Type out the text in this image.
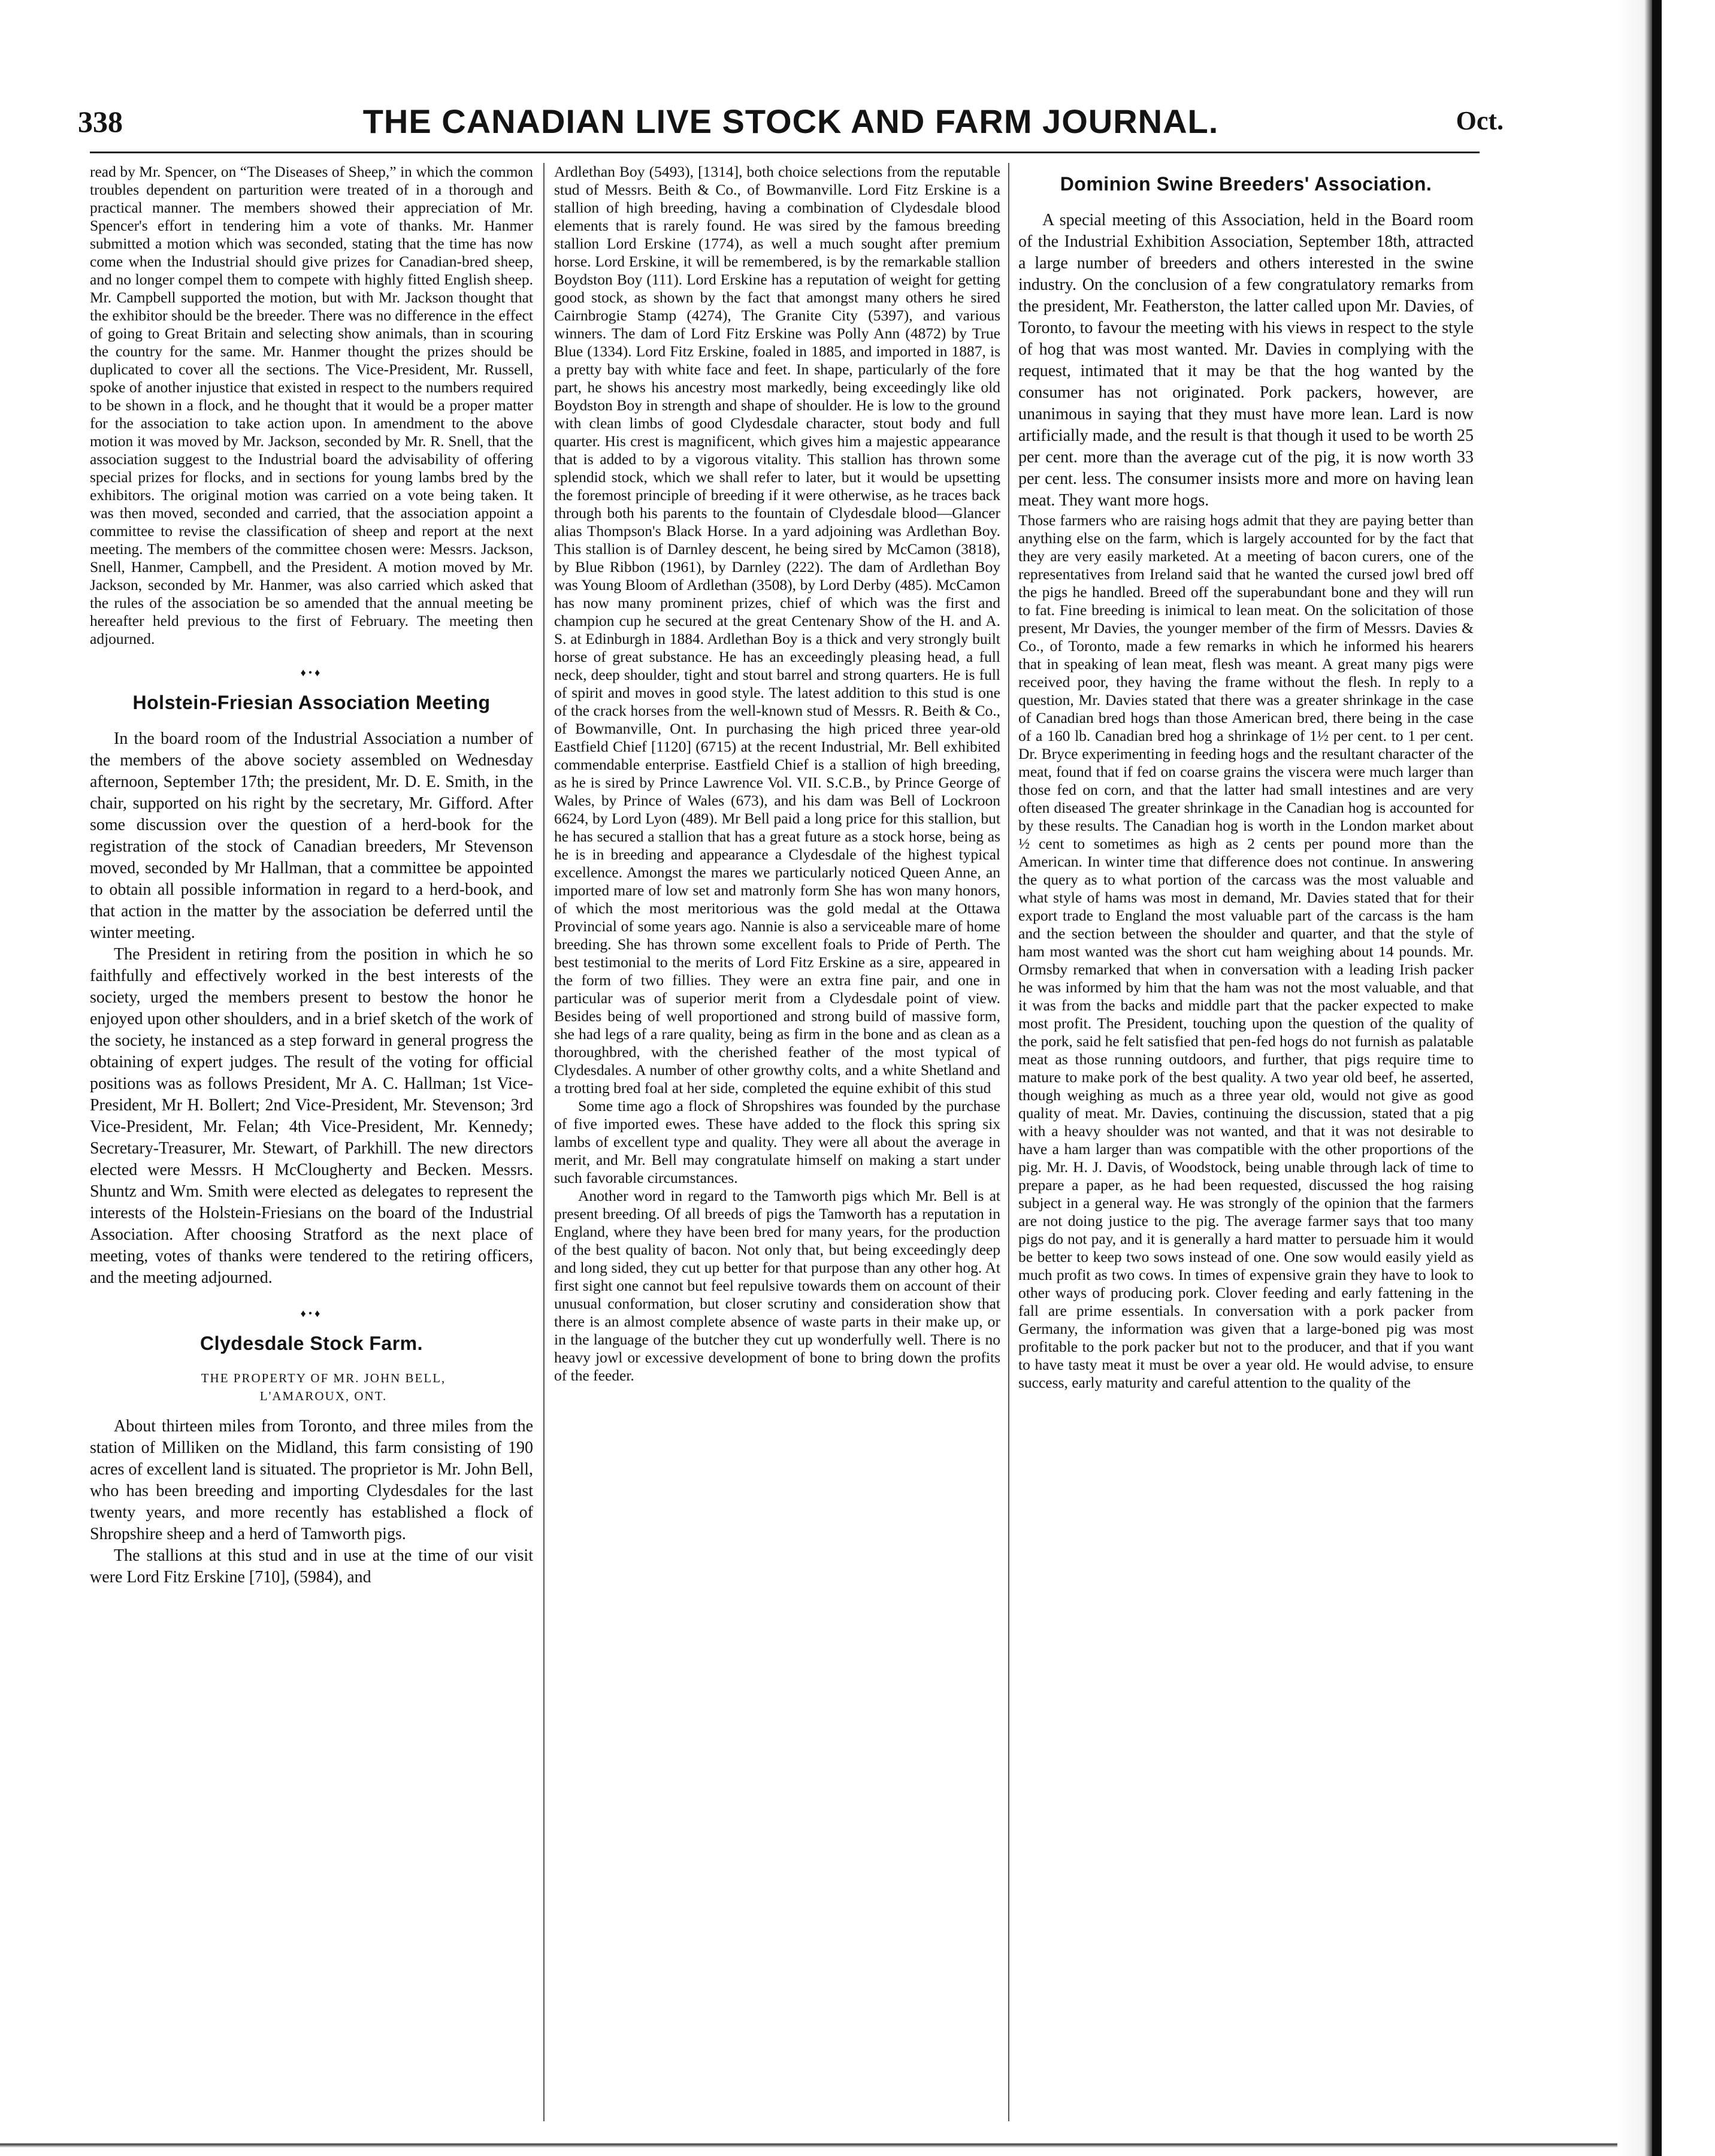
338	THE CANADIAN LIVE STOCK AND FARM JOURNAL.	Oct.

read by Mr. Spencer, on “The Diseases of Sheep,” in which the common troubles dependent on parturition were treated of in a thorough and practical manner. The members showed their appreciation of Mr. Spencer's effort in tendering him a vote of thanks. Mr. Hanmer submitted a motion which was seconded, stating that the time has now come when the Industrial should give prizes for Canadian-bred sheep, and no longer compel them to compete with highly fitted English sheep. Mr. Campbell supported the motion, but with Mr. Jackson thought that the exhibitor should be the breeder. There was no difference in the effect of going to Great Britain and selecting show animals, than in scouring the country for the same. Mr. Hanmer thought the prizes should be duplicated to cover all the sections. The Vice-President, Mr. Russell, spoke of another injustice that existed in respect to the numbers required to be shown in a flock, and he thought that it would be a proper matter for the association to take action upon. In amendment to the above motion it was moved by Mr. Jackson, seconded by Mr. R. Snell, that the association suggest to the Industrial board the advisability of offering special prizes for flocks, and in sections for young lambs bred by the exhibitors. The original motion was carried on a vote being taken. It was then moved, seconded and carried, that the association appoint a committee to revise the classification of sheep and report at the next meeting. The members of the committee chosen were: Messrs. Jackson, Snell, Hanmer, Campbell, and the President. A motion moved by Mr. Jackson, seconded by Mr. Hanmer, was also carried which asked that the rules of the association be so amended that the annual meeting be hereafter held previous to the first of February. The meeting then adjourned.

♦•♦
Holstein-Friesian Association Meeting

In the board room of the Industrial Association a number of the members of the above society assembled on Wednesday afternoon, September 17th; the president, Mr. D. E. Smith, in the chair, supported on his right by the secretary, Mr. Gifford. After some discussion over the question of a herd-book for the registration of the stock of Canadian breeders, Mr Stevenson moved, seconded by Mr Hallman, that a committee be appointed to obtain all possible information in regard to a herd-book, and that action in the matter by the association be deferred until the winter meeting.

The President in retiring from the position in which he so faithfully and effectively worked in the best interests of the society, urged the members present to bestow the honor he enjoyed upon other shoulders, and in a brief sketch of the work of the society, he instanced as a step forward in general progress the obtaining of expert judges. The result of the voting for official positions was as follows President, Mr A. C. Hallman; 1st Vice-President, Mr H. Bollert; 2nd Vice-President, Mr. Stevenson; 3rd Vice-President, Mr. Felan; 4th Vice-President, Mr. Kennedy; Secretary-Treasurer, Mr. Stewart, of Parkhill. The new directors elected were Messrs. H McClougherty and Becken. Messrs. Shuntz and Wm. Smith were elected as delegates to represent the interests of the Holstein-Friesians on the board of the Industrial Association. After choosing Stratford as the next place of meeting, votes of thanks were tendered to the retiring officers, and the meeting adjourned.

♦•♦
Clydesdale Stock Farm.

THE PROPERTY OF MR. JOHN BELL,

L'AMAROUX, ONT.

About thirteen miles from Toronto, and three miles from the station of Milliken on the Midland, this farm consisting of 190 acres of excellent land is situated. The proprietor is Mr. John Bell, who has been breeding and importing Clydesdales for the last twenty years, and more recently has established a flock of Shropshire sheep and a herd of Tamworth pigs.

The stallions at this stud and in use at the time of our visit were Lord Fitz Erskine [710], (5984), and

Ardlethan Boy (5493), [1314], both choice selections from the reputable stud of Messrs. Beith & Co., of Bowmanville. Lord Fitz Erskine is a stallion of high breeding, having a combination of Clydesdale blood elements that is rarely found. He was sired by the famous breeding stallion Lord Erskine (1774), as well a much sought after premium horse. Lord Erskine, it will be remembered, is by the remarkable stallion Boydston Boy (111). Lord Erskine has a reputation of weight for getting good stock, as shown by the fact that amongst many others he sired Cairnbrogie Stamp (4274), The Granite City (5397), and various winners. The dam of Lord Fitz Erskine was Polly Ann (4872) by True Blue (1334). Lord Fitz Erskine, foaled in 1885, and imported in 1887, is a pretty bay with white face and feet. In shape, particularly of the fore part, he shows his ancestry most markedly, being exceedingly like old Boydston Boy in strength and shape of shoulder. He is low to the ground with clean limbs of good Clydesdale character, stout body and full quarter. His crest is magnificent, which gives him a majestic appearance that is added to by a vigorous vitality. This stallion has thrown some splendid stock, which we shall refer to later, but it would be upsetting the foremost principle of breeding if it were otherwise, as he traces back through both his parents to the fountain of Clydesdale blood—Glancer alias Thompson's Black Horse. In a yard adjoining was Ardlethan Boy. This stallion is of Darnley descent, he being sired by McCamon (3818), by Blue Ribbon (1961), by Darnley (222). The dam of Ardlethan Boy was Young Bloom of Ardlethan (3508), by Lord Derby (485). McCamon has now many prominent prizes, chief of which was the first and champion cup he secured at the great Centenary Show of the H. and A. S. at Edinburgh in 1884. Ardlethan Boy is a thick and very strongly built horse of great substance. He has an exceedingly pleasing head, a full neck, deep shoulder, tight and stout barrel and strong quarters. He is full of spirit and moves in good style. The latest addition to this stud is one of the crack horses from the well-known stud of Messrs. R. Beith & Co., of Bowmanville, Ont. In purchasing the high priced three year-old Eastfield Chief [1120] (6715) at the recent Industrial, Mr. Bell exhibited commendable enterprise. Eastfield Chief is a stallion of high breeding, as he is sired by Prince Lawrence Vol. VII. S.C.B., by Prince George of Wales, by Prince of Wales (673), and his dam was Bell of Lockroon 6624, by Lord Lyon (489). Mr Bell paid a long price for this stallion, but he has secured a stallion that has a great future as a stock horse, being as he is in breeding and appearance a Clydesdale of the highest typical excellence. Amongst the mares we particularly noticed Queen Anne, an imported mare of low set and matronly form She has won many honors, of which the most meritorious was the gold medal at the Ottawa Provincial of some years ago. Nannie is also a serviceable mare of home breeding. She has thrown some excellent foals to Pride of Perth. The best testimonial to the merits of Lord Fitz Erskine as a sire, appeared in the form of two fillies. They were an extra fine pair, and one in particular was of superior merit from a Clydesdale point of view. Besides being of well proportioned and strong build of massive form, she had legs of a rare quality, being as firm in the bone and as clean as a thoroughbred, with the cherished feather of the most typical of Clydesdales. A number of other growthy colts, and a white Shetland and a trotting bred foal at her side, completed the equine exhibit of this stud

Some time ago a flock of Shropshires was founded by the purchase of five imported ewes. These have added to the flock this spring six lambs of excellent type and quality. They were all about the average in merit, and Mr. Bell may congratulate himself on making a start under such favorable circumstances.

Another word in regard to the Tamworth pigs which Mr. Bell is at present breeding. Of all breeds of pigs the Tamworth has a reputation in England, where they have been bred for many years, for the production of the best quality of bacon. Not only that, but being exceedingly deep and long sided, they cut up better for that purpose than any other hog. At first sight one cannot but feel repulsive towards them on account of their unusual conformation, but closer scrutiny and consideration show that there is an almost complete absence of waste parts in their make up, or in the language of the butcher they cut up wonderfully well. There is no heavy jowl or excessive development of bone to bring down the profits of the feeder.

Dominion Swine Breeders' Association.

A special meeting of this Association, held in the Board room of the Industrial Exhibition Association, September 18th, attracted a large number of breeders and others interested in the swine industry. On the conclusion of a few congratulatory remarks from the president, Mr. Featherston, the latter called upon Mr. Davies, of Toronto, to favour the meeting with his views in respect to the style of hog that was most wanted. Mr. Davies in complying with the request, intimated that it may be that the hog wanted by the consumer has not originated. Pork packers, however, are unanimous in saying that they must have more lean. Lard is now artificially made, and the result is that though it used to be worth 25 per cent. more than the average cut of the pig, it is now worth 33 per cent. less. The consumer insists more and more on having lean meat. They want more hogs.

Those farmers who are raising hogs admit that they are paying better than anything else on the farm, which is largely accounted for by the fact that they are very easily marketed. At a meeting of bacon curers, one of the representatives from Ireland said that he wanted the cursed jowl bred off the pigs he handled. Breed off the superabundant bone and they will run to fat. Fine breeding is inimical to lean meat. On the solicitation of those present, Mr Davies, the younger member of the firm of Messrs. Davies & Co., of Toronto, made a few remarks in which he informed his hearers that in speaking of lean meat, flesh was meant. A great many pigs were received poor, they having the frame without the flesh. In reply to a question, Mr. Davies stated that there was a greater shrinkage in the case of Canadian bred hogs than those American bred, there being in the case of a 160 lb. Canadian bred hog a shrinkage of 1½ per cent. to 1 per cent. Dr. Bryce experimenting in feeding hogs and the resultant character of the meat, found that if fed on coarse grains the viscera were much larger than those fed on corn, and that the latter had small intestines and are very often diseased The greater shrinkage in the Canadian hog is accounted for by these results. The Canadian hog is worth in the London market about ½ cent to sometimes as high as 2 cents per pound more than the American. In winter time that difference does not continue. In answering the query as to what portion of the carcass was the most valuable and what style of hams was most in demand, Mr. Davies stated that for their export trade to England the most valuable part of the carcass is the ham and the section between the shoulder and quarter, and that the style of ham most wanted was the short cut ham weighing about 14 pounds. Mr. Ormsby remarked that when in conversation with a leading Irish packer he was informed by him that the ham was not the most valuable, and that it was from the backs and middle part that the packer expected to make most profit. The President, touching upon the question of the quality of the pork, said he felt satisfied that pen-fed hogs do not furnish as palatable meat as those running outdoors, and further, that pigs require time to mature to make pork of the best quality. A two year old beef, he asserted, though weighing as much as a three year old, would not give as good quality of meat. Mr. Davies, continuing the discussion, stated that a pig with a heavy shoulder was not wanted, and that it was not desirable to have a ham larger than was compatible with the other proportions of the pig. Mr. H. J. Davis, of Woodstock, being unable through lack of time to prepare a paper, as he had been requested, discussed the hog raising subject in a general way. He was strongly of the opinion that the farmers are not doing justice to the pig. The average farmer says that too many pigs do not pay, and it is generally a hard matter to persuade him it would be better to keep two sows instead of one. One sow would easily yield as much profit as two cows. In times of expensive grain they have to look to other ways of producing pork. Clover feeding and early fattening in the fall are prime essentials. In conversation with a pork packer from Germany, the information was given that a large-boned pig was most profitable to the pork packer but not to the producer, and that if you want to have tasty meat it must be over a year old. He would advise, to ensure success, early maturity and careful attention to the quality of the
